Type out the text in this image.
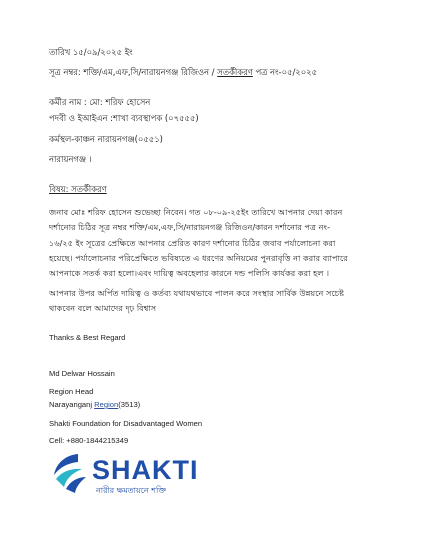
তারিখ ১৫/০৯/২০২৫ ইং
সূত্র নম্বর: শক্তি/এম,এফ,সি/নারায়নগঞ্জ রিজিওন / সতর্কীকরণ পত্র নং-০৫/২০২৫
কর্মীর নাম : মো: শরিফ হোসেন
পদবী ও ইআইএন :শাখা ব্যবস্থাপক (০৭৫৫৫)
কর্মস্থল-কাঞ্চন নারায়নগঞ্জ(০৫৫১)
নারায়নগঞ্জ ।
বিষয়: সতর্কীকরণ
জনাব মোঃ শরিফ হোসেন শুভেচ্ছা নিবেন। গত ০৮-০৯-২৫ইং তারিখে আপনার দেয়া কারন
দর্শানোর চিঠির সূত্র নম্বর শক্তি/এম,এফ,সি/নারায়নগঞ্জ রিজিওন/কারন দর্শানোর পত্র নং-
১৬/২৫ ইং সূত্রের প্রেক্ষিতে আপনার প্রেরিত কারণ দর্শানোর চিঠির জবাব পর্যালোচনা করা
হয়েছে। পর্যালোচনার পরিপ্রেক্ষিতে ভবিষ্যতে এ ধরণের অনিয়মের পুনরাবৃত্তি না করার ব্যাপারে
আপনাকে সতর্ক করা হলো।এবং দায়িত্ব অবহেলার কারনে দন্ড পলিসি কার্যকর করা হল ।
আপনার উপর অর্পিত দায়িত্ব ও কর্তব্য যথাযথভাবে পালন করে সংস্থার সার্বিক উন্নয়নে সচেষ্ট
থাকবেন বলে আমাদের দৃঢ় বিশ্বাস
Thanks & Best Regard
Md Delwar Hossain
Region Head
Narayanganj Region(3513)
Shakti Foundation for Disadvantaged Women
Cell: +880-1844215349
SHAKTI
নারীর ক্ষমতায়নে শক্তি
